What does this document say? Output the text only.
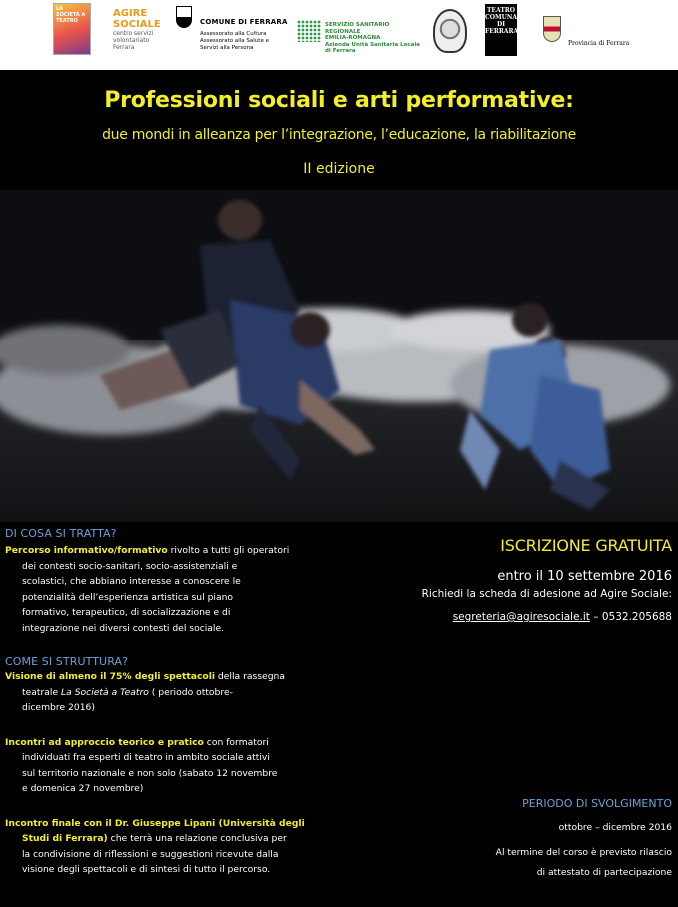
LA SOCIETÀ A TEATRO
AGIRE
SOCIALE
centro servizi
volontariato
Ferrara
COMUNE DI FERRARA
Assessorato alla Cultura
Assessorato alla Salute e
Servizi alla Persona
SERVIZIO SANITARIO REGIONALE
EMILIA-ROMAGNA
Azienda Unità Sanitaria Locale di Ferrara
TEATRO
COMUNALE
DI
FERRARA
Provincia di Ferrara
Professioni sociali e arti performative:
due mondi in alleanza per l’integrazione, l’educazione, la riabilitazione
II edizione
DI COSA SI TRATTA?
Percorso informativo/formativo rivolto a tutti gli operatori
dei contesti socio-sanitari, socio-assistenziali e
scolastici, che abbiano interesse a conoscere le
potenzialità dell’esperienza artistica sul piano
formativo, terapeutico, di socializzazione e di
integrazione nei diversi contesti del sociale.
COME SI STRUTTURA?
Visione di almeno il 75% degli spettacoli della rassegna
teatrale La Società a Teatro ( periodo ottobre-
dicembre 2016)
Incontri ad approccio teorico e pratico con formatori
individuati fra esperti di teatro in ambito sociale attivi
sul territorio nazionale e non solo (sabato 12 novembre
e domenica 27 novembre)
Incontro finale con il Dr. Giuseppe Lipani (Università degli
Studi di Ferrara) che terrà una relazione conclusiva per
la condivisione di riflessioni e suggestioni ricevute dalla
visione degli spettacoli e di sintesi di tutto il percorso.
ISCRIZIONE GRATUITA
entro il 10 settembre 2016
Richiedi la scheda di adesione ad Agire Sociale:
segreteria@agiresociale.it – 0532.205688
PERIODO DI SVOLGIMENTO
ottobre – dicembre 2016
Al termine del corso è previsto rilascio
di attestato di partecipazione
